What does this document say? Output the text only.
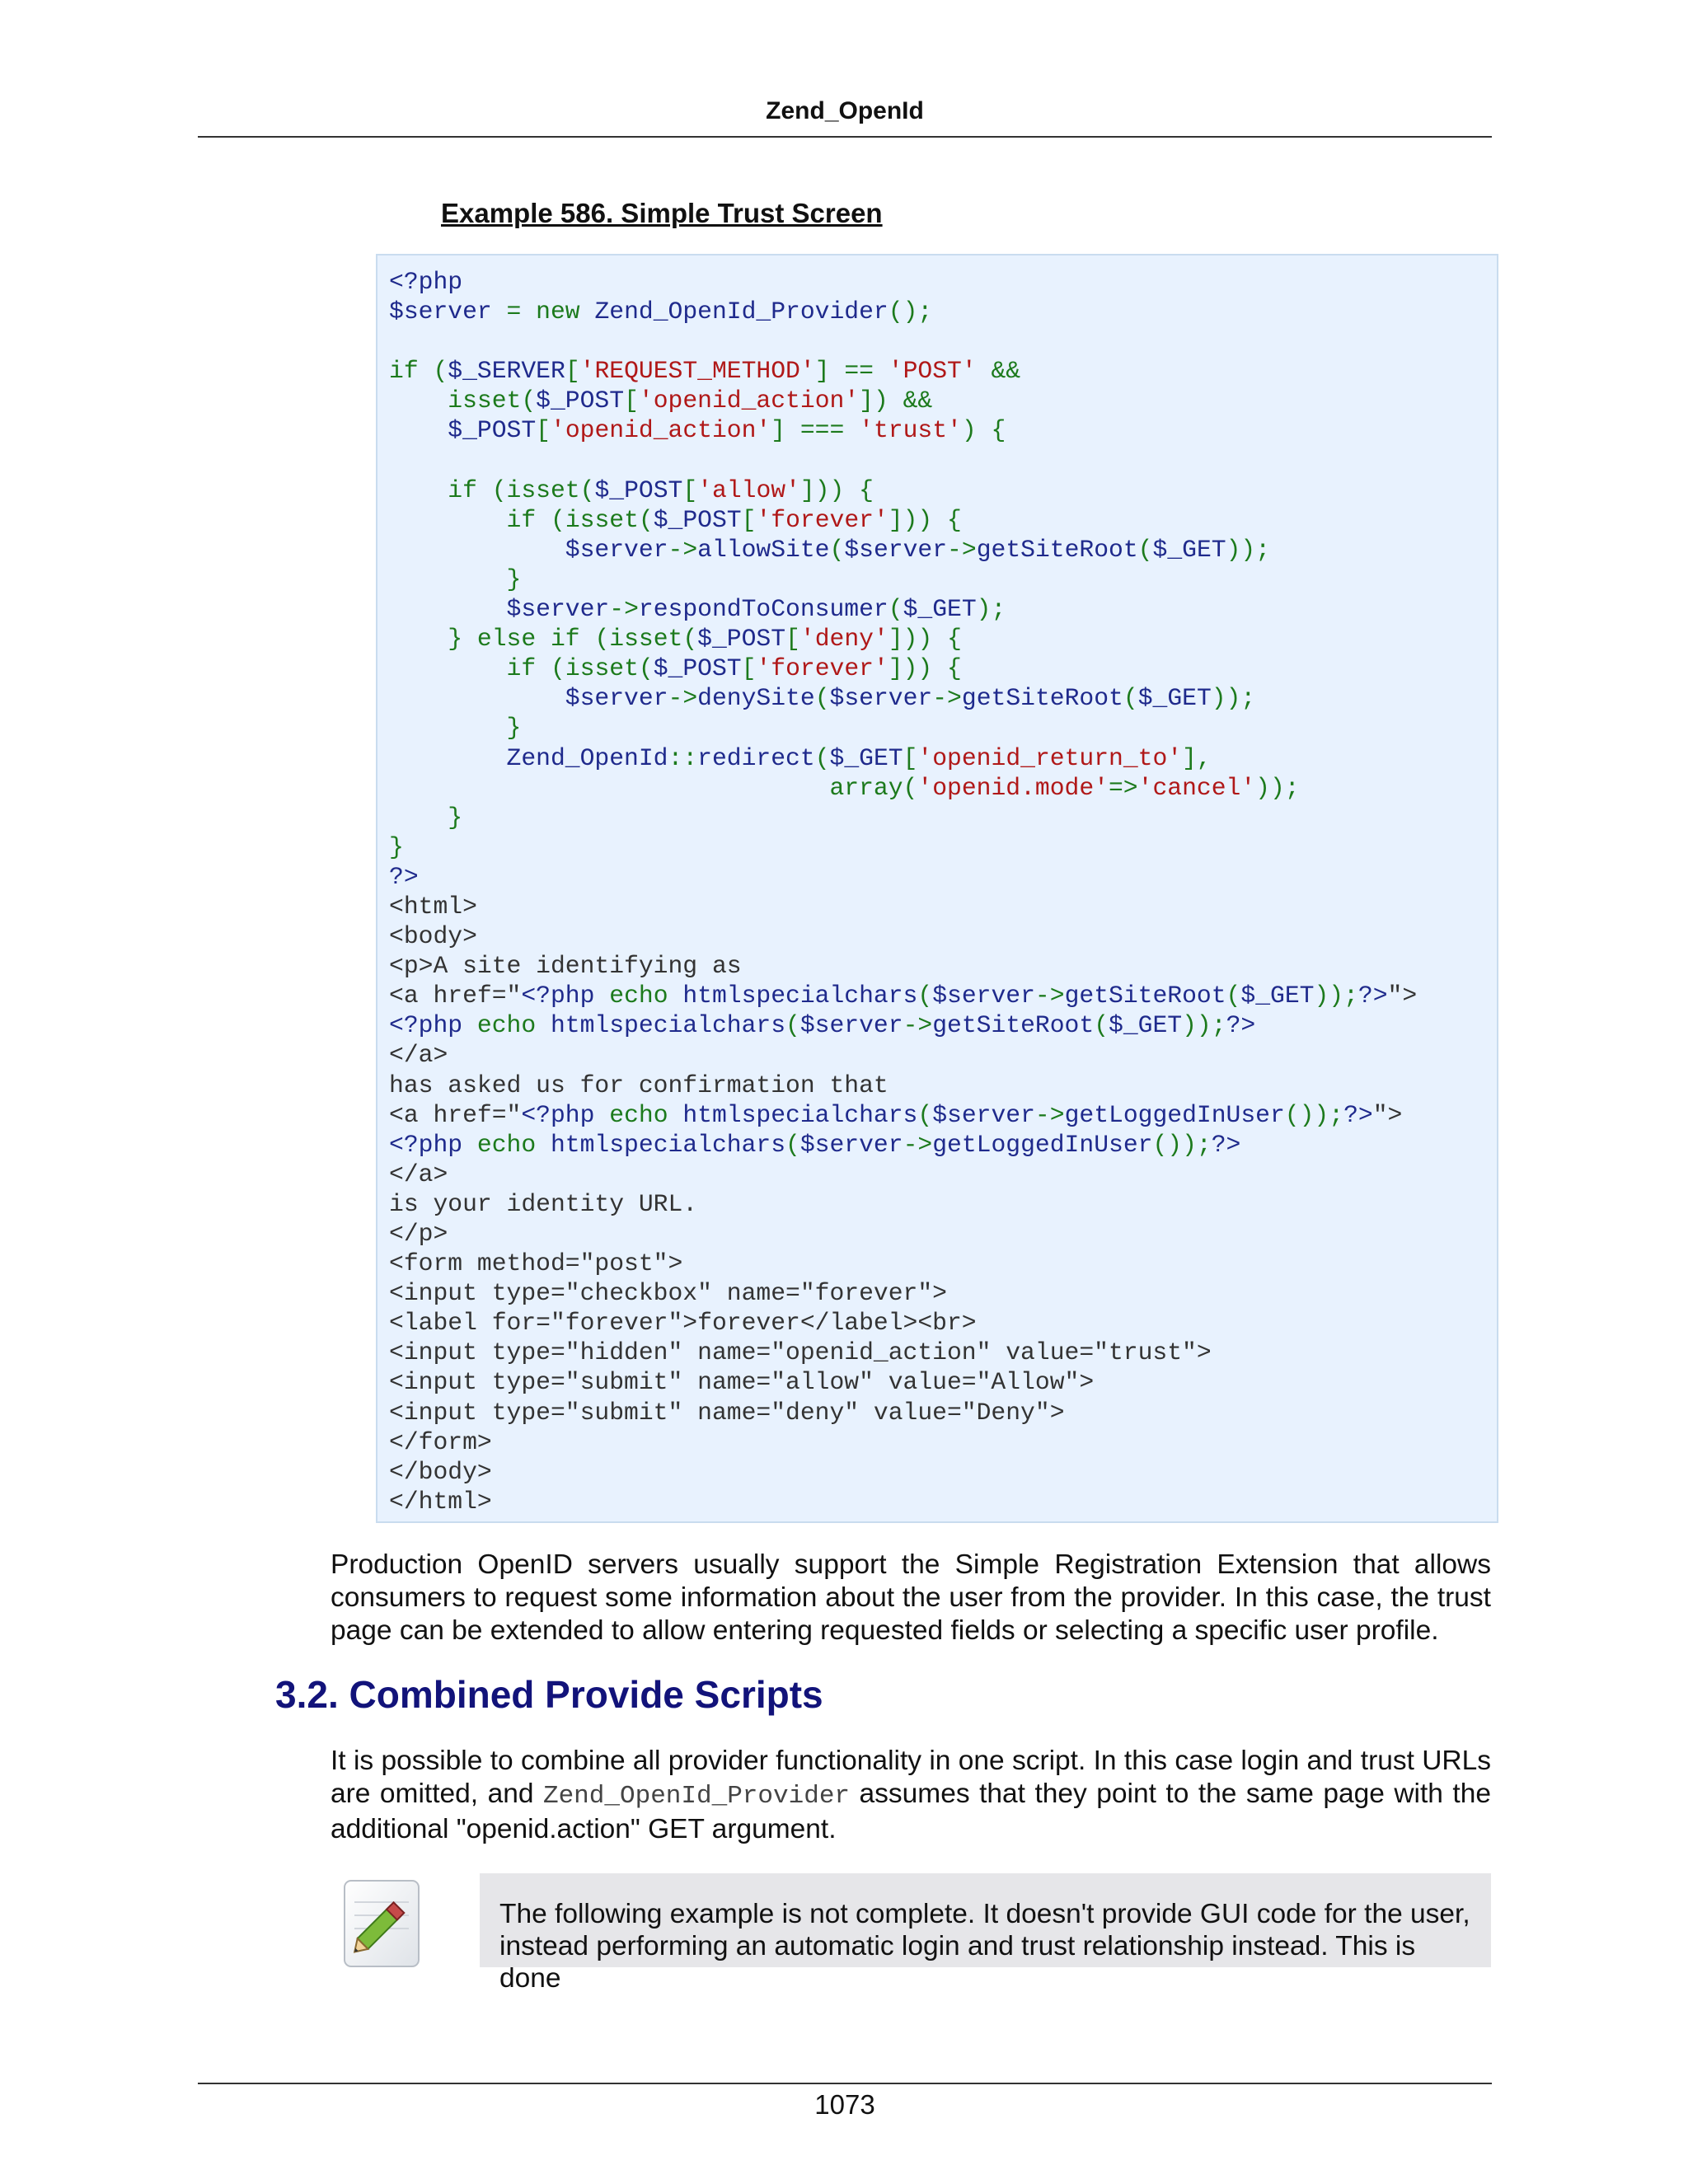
Zend_OpenId
Example 586. Simple Trust Screen
<?php
$server = new Zend_OpenId_Provider();
if ($_SERVER['REQUEST_METHOD'] == 'POST' &&
isset($_POST['openid_action']) &&
$_POST['openid_action'] === 'trust') {
if (isset($_POST['allow'])) {
if (isset($_POST['forever'])) {
$server->allowSite($server->getSiteRoot($_GET));
}
$server->respondToConsumer($_GET);
} else if (isset($_POST['deny'])) {
if (isset($_POST['forever'])) {
$server->denySite($server->getSiteRoot($_GET));
}
Zend_OpenId::redirect($_GET['openid_return_to'],
array('openid.mode'=>'cancel'));
}
}
?>
<html>
<body>
<p>A site identifying as
<a href="<?php echo htmlspecialchars($server->getSiteRoot($_GET));?>">
<?php echo htmlspecialchars($server->getSiteRoot($_GET));?>
</a>
has asked us for confirmation that
<a href="<?php echo htmlspecialchars($server->getLoggedInUser());?>">
<?php echo htmlspecialchars($server->getLoggedInUser());?>
</a>
is your identity URL.
</p>
<form method="post">
<input type="checkbox" name="forever">
<label for="forever">forever</label><br>
<input type="hidden" name="openid_action" value="trust">
<input type="submit" name="allow" value="Allow">
<input type="submit" name="deny" value="Deny">
</form>
</body>
</html>
Production OpenID servers usually support the Simple Registration Extension that allows consumers to request some information about the user from the provider. In this case, the trust page can be extended to allow entering requested fields or selecting a specific user profile.
3.2. Combined Provide Scripts
It is possible to combine all provider functionality in one script. In this case login and trust URLs are omitted, and Zend_OpenId_Provider assumes that they point to the same page with the additional "openid.action" GET argument.
The following example is not complete. It doesn't provide GUI code for the user, instead performing an automatic login and trust relationship instead. This is done
1073
